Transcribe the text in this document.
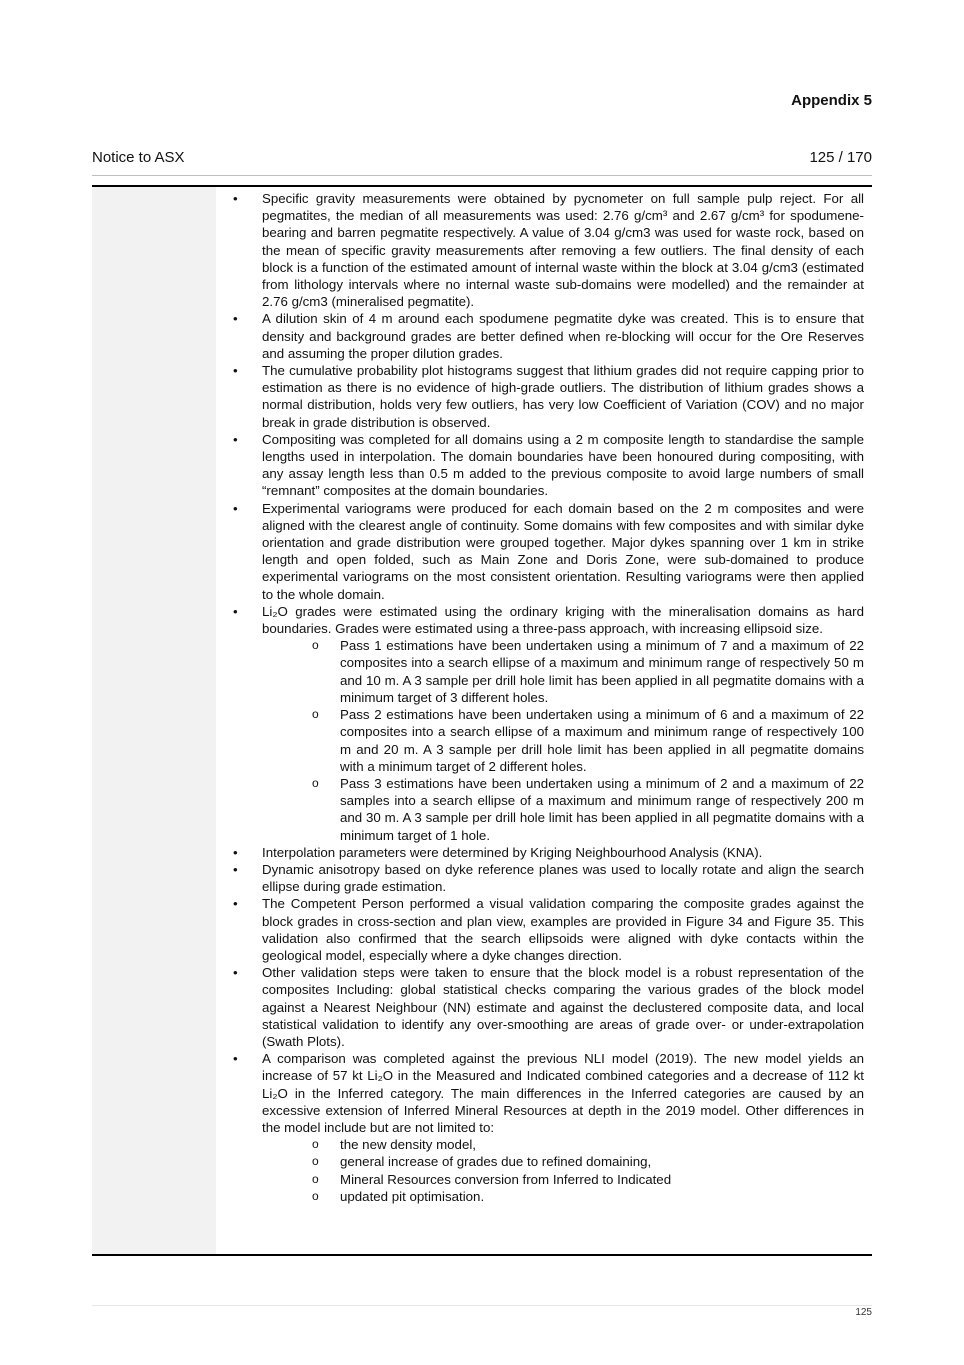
Appendix 5
Notice to ASX	125 / 170
• Specific gravity measurements were obtained by pycnometer on full sample pulp reject. For all pegmatites, the median of all measurements was used: 2.76 g/cm³ and 2.67 g/cm³ for spodumene-bearing and barren pegmatite respectively. A value of 3.04 g/cm3 was used for waste rock, based on the mean of specific gravity measurements after removing a few outliers. The final density of each block is a function of the estimated amount of internal waste within the block at 3.04 g/cm3 (estimated from lithology intervals where no internal waste sub-domains were modelled) and the remainder at 2.76 g/cm3 (mineralised pegmatite).
• A dilution skin of 4 m around each spodumene pegmatite dyke was created. This is to ensure that density and background grades are better defined when re-blocking will occur for the Ore Reserves and assuming the proper dilution grades.
• The cumulative probability plot histograms suggest that lithium grades did not require capping prior to estimation as there is no evidence of high-grade outliers. The distribution of lithium grades shows a normal distribution, holds very few outliers, has very low Coefficient of Variation (COV) and no major break in grade distribution is observed.
• Compositing was completed for all domains using a 2 m composite length to standardise the sample lengths used in interpolation. The domain boundaries have been honoured during compositing, with any assay length less than 0.5 m added to the previous composite to avoid large numbers of small “remnant” composites at the domain boundaries.
• Experimental variograms were produced for each domain based on the 2 m composites and were aligned with the clearest angle of continuity. Some domains with few composites and with similar dyke orientation and grade distribution were grouped together. Major dykes spanning over 1 km in strike length and open folded, such as Main Zone and Doris Zone, were sub-domained to produce experimental variograms on the most consistent orientation. Resulting variograms were then applied to the whole domain.
• Li₂O grades were estimated using the ordinary kriging with the mineralisation domains as hard boundaries. Grades were estimated using a three-pass approach, with increasing ellipsoid size.
o Pass 1 estimations have been undertaken using a minimum of 7 and a maximum of 22 composites into a search ellipse of a maximum and minimum range of respectively 50 m and 10 m. A 3 sample per drill hole limit has been applied in all pegmatite domains with a minimum target of 3 different holes.
o Pass 2 estimations have been undertaken using a minimum of 6 and a maximum of 22 composites into a search ellipse of a maximum and minimum range of respectively 100 m and 20 m. A 3 sample per drill hole limit has been applied in all pegmatite domains with a minimum target of 2 different holes.
o Pass 3 estimations have been undertaken using a minimum of 2 and a maximum of 22 samples into a search ellipse of a maximum and minimum range of respectively 200 m and 30 m. A 3 sample per drill hole limit has been applied in all pegmatite domains with a minimum target of 1 hole.
• Interpolation parameters were determined by Kriging Neighbourhood Analysis (KNA).
• Dynamic anisotropy based on dyke reference planes was used to locally rotate and align the search ellipse during grade estimation.
• The Competent Person performed a visual validation comparing the composite grades against the block grades in cross-section and plan view, examples are provided in Figure 34 and Figure 35. This validation also confirmed that the search ellipsoids were aligned with dyke contacts within the geological model, especially where a dyke changes direction.
• Other validation steps were taken to ensure that the block model is a robust representation of the composites Including: global statistical checks comparing the various grades of the block model against a Nearest Neighbour (NN) estimate and against the declustered composite data, and local statistical validation to identify any over-smoothing are areas of grade over- or under-extrapolation (Swath Plots).
• A comparison was completed against the previous NLI model (2019). The new model yields an increase of 57 kt Li₂O in the Measured and Indicated combined categories and a decrease of 112 kt Li₂O in the Inferred category. The main differences in the Inferred categories are caused by an excessive extension of Inferred Mineral Resources at depth in the 2019 model. Other differences in the model include but are not limited to:
o the new density model,
o general increase of grades due to refined domaining,
o Mineral Resources conversion from Inferred to Indicated
o updated pit optimisation.
125
